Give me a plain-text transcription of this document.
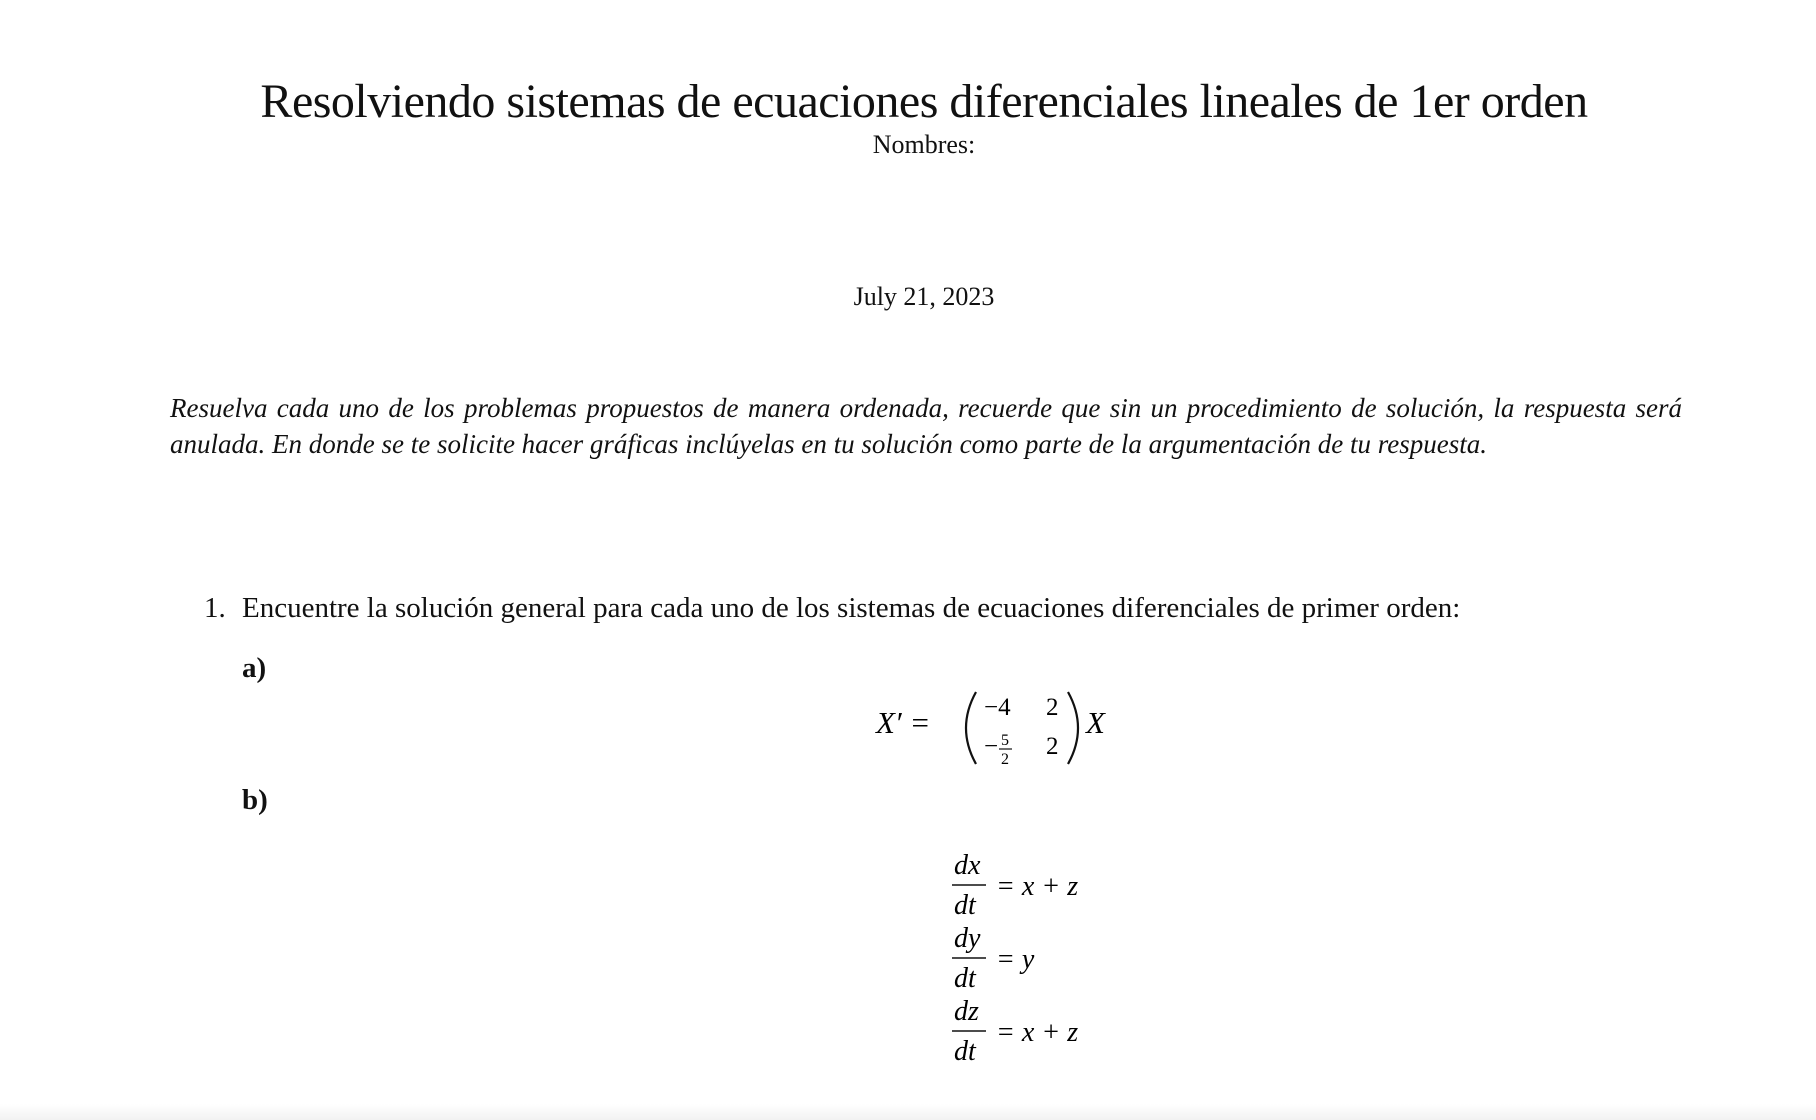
Resolviendo sistemas de ecuaciones diferenciales lineales de 1er orden
Nombres:
July 21, 2023
Resuelva cada uno de los problemas propuestos de manera ordenada, recuerde que sin un procedimiento de solución, la respuesta será anulada. En donde se te solicite hacer gráficas inclúyelas en tu solución como parte de la argumentación de tu respuesta.
1. Encuentre la solución general para cada uno de los sistemas de ecuaciones diferenciales de primer orden:
a)
X′ = −4 2
− 5
2 2
X
b)
dx
dt
= x + z
dy
dt
= y
dz
dt
= x + z
